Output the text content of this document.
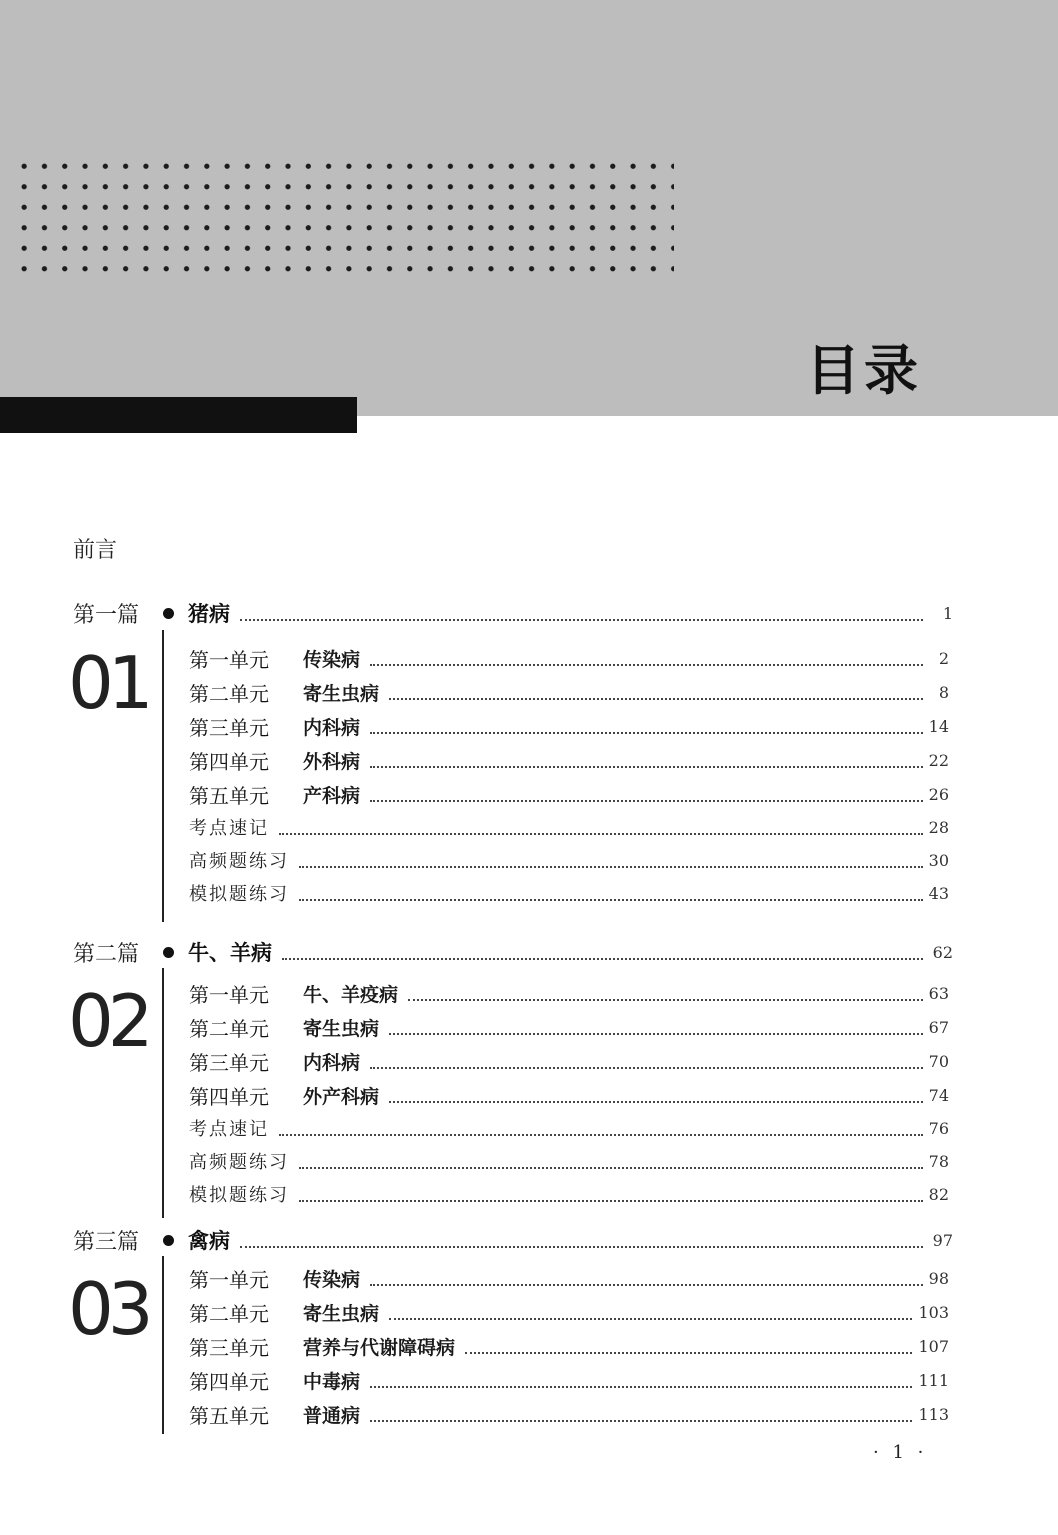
目录
前言
第一篇	猪病	1
01 第一单元	传染病	2
第二单元	寄生虫病	8
第三单元	内科病	14
第四单元	外科病	22
第五单元	产科病	26
考点速记	28
高频题练习	30
模拟题练习	43
第二篇	牛、羊病	62
02 第一单元	牛、羊疫病	63
第二单元	寄生虫病	67
第三单元	内科病	70
第四单元	外产科病	74
考点速记	76
高频题练习	78
模拟题练习	82
第三篇	禽病	97
03 第一单元	传染病	98
第二单元	寄生虫病	103
第三单元	营养与代谢障碍病	107
第四单元	中毒病	111
第五单元	普通病	113
· 1 ·
